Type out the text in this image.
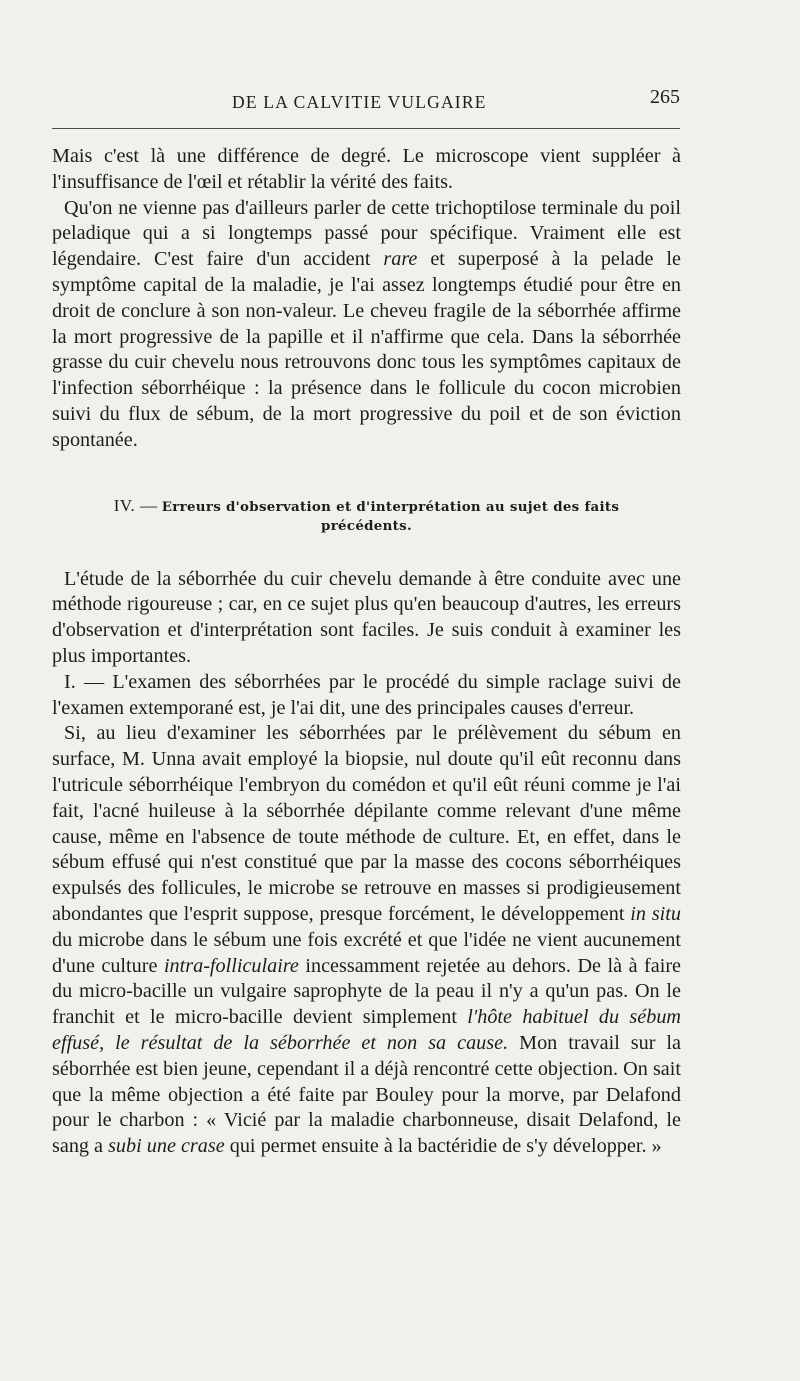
DE LA CALVITIE VULGAIRE	265

Mais c'est là une différence de degré. Le microscope vient suppléer à l'insuffisance de l'œil et rétablir la vérité des faits.

Qu'on ne vienne pas d'ailleurs parler de cette trichoptilose terminale du poil peladique qui a si longtemps passé pour spécifique. Vraiment elle est légendaire. C'est faire d'un accident rare et superposé à la pelade le symptôme capital de la maladie, je l'ai assez longtemps étudié pour être en droit de conclure à son non-valeur. Le cheveu fragile de la séborrhée affirme la mort progressive de la papille et il n'affirme que cela. Dans la séborrhée grasse du cuir chevelu nous retrouvons donc tous les symptômes capitaux de l'infection séborrhéique : la présence dans le follicule du cocon microbien suivi du flux de sébum, de la mort progressive du poil et de son éviction spontanée.

IV. — Erreurs d'observation et d'interprétation au sujet des faits
précédents.

L'étude de la séborrhée du cuir chevelu demande à être conduite avec une méthode rigoureuse ; car, en ce sujet plus qu'en beaucoup d'autres, les erreurs d'observation et d'interprétation sont faciles. Je suis conduit à examiner les plus importantes.

I. — L'examen des séborrhées par le procédé du simple raclage suivi de l'examen extemporané est, je l'ai dit, une des principales causes d'erreur.

Si, au lieu d'examiner les séborrhées par le prélèvement du sébum en surface, M. Unna avait employé la biopsie, nul doute qu'il eût reconnu dans l'utricule séborrhéique l'embryon du comédon et qu'il eût réuni comme je l'ai fait, l'acné huileuse à la séborrhée dépilante comme relevant d'une même cause, même en l'absence de toute méthode de culture. Et, en effet, dans le sébum effusé qui n'est constitué que par la masse des cocons séborrhéiques expulsés des follicules, le microbe se retrouve en masses si prodigieusement abondantes que l'esprit suppose, presque forcément, le développement in situ du microbe dans le sébum une fois excrété et que l'idée ne vient aucunement d'une culture intra-folliculaire incessamment rejetée au dehors. De là à faire du micro-bacille un vulgaire saprophyte de la peau il n'y a qu'un pas. On le franchit et le micro-bacille devient simplement l'hôte habituel du sébum effusé, le résultat de la séborrhée et non sa cause. Mon travail sur la séborrhée est bien jeune, cependant il a déjà rencontré cette objection. On sait que la même objection a été faite par Bouley pour la morve, par Delafond pour le charbon : « Vicié par la maladie charbonneuse, disait Delafond, le sang a subi une crase qui permet ensuite à la bactéridie de s'y développer. »
